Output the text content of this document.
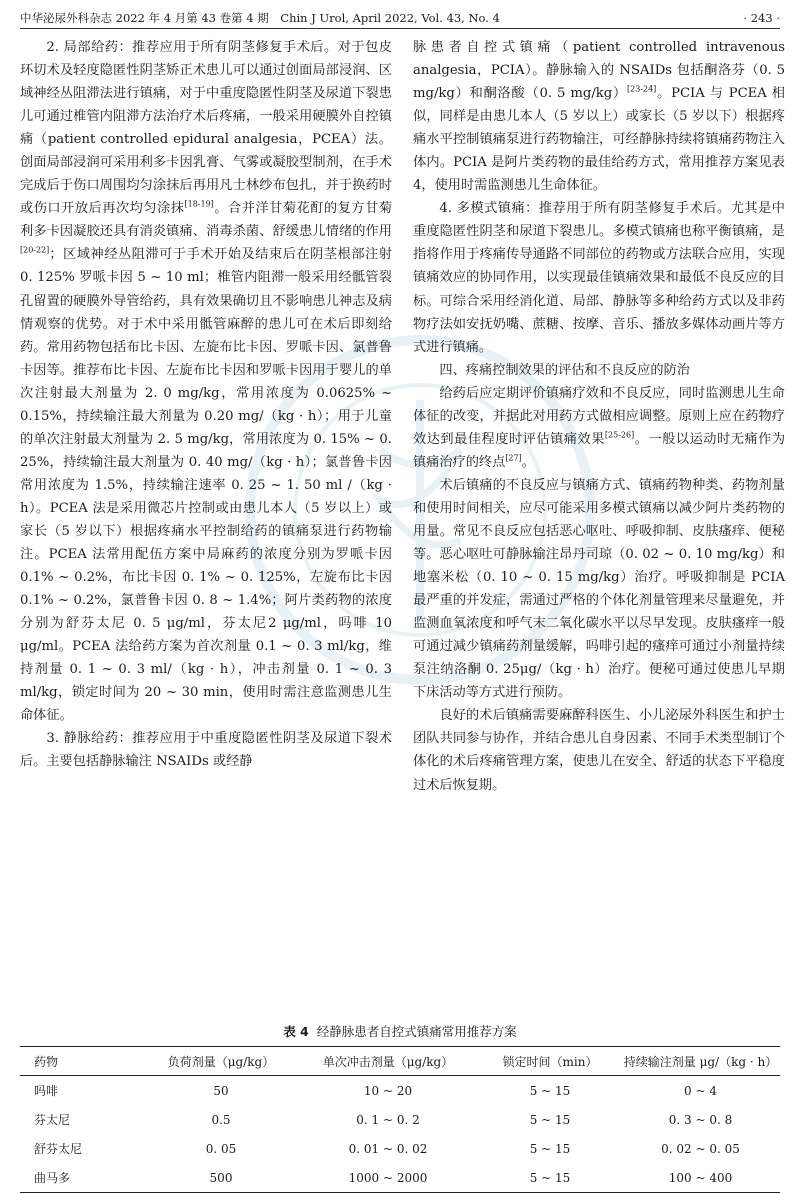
中华泌尿外科杂志 2022 年 4 月第 43 卷第 4 期　Chin J Urol, April 2022, Vol. 43, No. 4	· 243 ·

2. 局部给药：推荐应用于所有阴茎修复手术后。对于包皮环切术及轻度隐匿性阴茎矫正术患儿可以通过创面局部浸润、区域神经丛阻滞法进行镇痛，对于中重度隐匿性阴茎及尿道下裂患儿可通过椎管内阻滞方法治疗术后疼痛，一般采用硬膜外自控镇痛（patient controlled epidural analgesia，PCEA）法。创面局部浸润可采用利多卡因乳膏、气雾或凝胶型制剂，在手术完成后于伤口周围均匀涂抹后再用凡士林纱布包扎，并于换药时或伤口开放后再次均匀涂抹[18-19]。合并洋甘菊花酊的复方甘菊利多卡因凝胶还具有消炎镇痛、消毒杀菌、舒缓患儿情绪的作用[20-22]；区域神经丛阻滞可于手术开始及结束后在阴茎根部注射 0. 125% 罗哌卡因 5 ~ 10 ml；椎管内阻滞一般采用经骶管裂孔留置的硬膜外导管给药，具有效果确切且不影响患儿神志及病情观察的优势。对于术中采用骶管麻醉的患儿可在术后即刻给药。常用药物包括布比卡因、左旋布比卡因、罗哌卡因、氯普鲁卡因等。推荐布比卡因、左旋布比卡因和罗哌卡因用于婴儿的单次注射最大剂量为 2. 0 mg/kg，常用浓度为 0.0625% ~ 0.15%，持续输注最大剂量为 0.20 mg/（kg · h）；用于儿童的单次注射最大剂量为 2. 5 mg/kg，常用浓度为 0. 15% ~ 0. 25%，持续输注最大剂量为 0. 40 mg/（kg · h）；氯普鲁卡因常用浓度为 1.5%，持续输注速率 0. 25 ~ 1. 50 ml /（kg · h）。PCEA 法是采用微芯片控制或由患儿本人（5 岁以上）或家长（5 岁以下）根据疼痛水平控制给药的镇痛泵进行药物输注。PCEA 法常用配伍方案中局麻药的浓度分别为罗哌卡因0.1% ~ 0.2%，布比卡因 0. 1% ~ 0. 125%，左旋布比卡因 0.1% ~ 0.2%，氯普鲁卡因 0. 8 ~ 1.4%；阿片类药物的浓度分别为舒芬太尼 0. 5 μg/ml，芬太尼2 μg/ml，吗啡 10 μg/ml。PCEA 法给药方案为首次剂量 0.1 ~ 0. 3 ml/kg，维持剂量 0. 1 ~ 0. 3 ml/（kg · h），冲击剂量 0. 1 ~ 0. 3 ml/kg，锁定时间为 20 ~ 30 min，使用时需注意监测患儿生命体征。

3. 静脉给药：推荐应用于中重度隐匿性阴茎及尿道下裂术后。主要包括静脉输注 NSAIDs 或经静

脉患者自控式镇痛（patient controlled intravenous analgesia，PCIA）。静脉输入的 NSAIDs 包括酮洛芬（0. 5 mg/kg）和酮洛酸（0. 5 mg/kg）[23-24]。PCIA 与 PCEA 相似，同样是由患儿本人（5 岁以上）或家长（5 岁以下）根据疼痛水平控制镇痛泵进行药物输注，可经静脉持续将镇痛药物注入体内。PCIA 是阿片类药物的最佳给药方式，常用推荐方案见表 4，使用时需监测患儿生命体征。

4. 多模式镇痛：推荐用于所有阴茎修复手术后。尤其是中重度隐匿性阴茎和尿道下裂患儿。多模式镇痛也称平衡镇痛，是指将作用于疼痛传导通路不同部位的药物或方法联合应用，实现镇痛效应的协同作用，以实现最佳镇痛效果和最低不良反应的目标。可综合采用经消化道、局部、静脉等多种给药方式以及非药物疗法如安抚奶嘴、蔗糖、按摩、音乐、播放多媒体动画片等方式进行镇痛。

四、疼痛控制效果的评估和不良反应的防治

给药后应定期评价镇痛疗效和不良反应，同时监测患儿生命体征的改变，并据此对用药方式做相应调整。原则上应在药物疗效达到最佳程度时评估镇痛效果[25-26]。一般以运动时无痛作为镇痛治疗的终点[27]。

术后镇痛的不良反应与镇痛方式、镇痛药物种类、药物剂量和使用时间相关，应尽可能采用多模式镇痛以减少阿片类药物的用量。常见不良反应包括恶心呕吐、呼吸抑制、皮肤瘙痒、便秘等。恶心呕吐可静脉输注昂丹司琼（0. 02 ~ 0. 10 mg/kg）和地塞米松（0. 10 ~ 0. 15 mg/kg）治疗。呼吸抑制是 PCIA 最严重的并发症，需通过严格的个体化剂量管理来尽量避免，并监测血氧浓度和呼气末二氧化碳水平以尽早发现。皮肤瘙痒一般可通过减少镇痛药剂量缓解，吗啡引起的瘙痒可通过小剂量持续泵注纳洛酮 0. 25μg/（kg · h）治疗。便秘可通过使患儿早期下床活动等方式进行预防。

良好的术后镇痛需要麻醉科医生、小儿泌尿外科医生和护士团队共同参与协作，并结合患儿自身因素、不同手术类型制订个体化的术后疼痛管理方案，使患儿在安全、舒适的状态下平稳度过术后恢复期。

表 4 经静脉患者自控式镇痛常用推荐方案
药物	负荷剂量（μg/kg）	单次冲击剂量（μg/kg）	锁定时间（min）	持续输注剂量 μg/（kg · h）
吗啡	50	10 ~ 20	5 ~ 15	0 ~ 4
芬太尼	0.5	0. 1 ~ 0. 2	5 ~ 15	0. 3 ~ 0. 8
舒芬太尼	0. 05	0. 01 ~ 0. 02	5 ~ 15	0. 02 ~ 0. 05
曲马多	500	1000 ~ 2000	5 ~ 15	100 ~ 400
